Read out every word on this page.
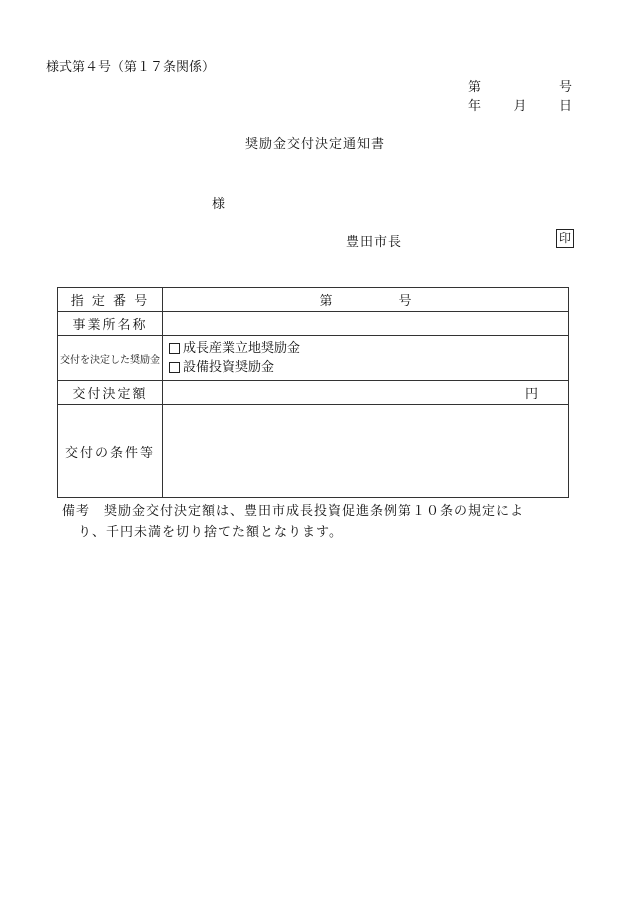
様式第４号（第１７条関係）
第	号
年 月 日
奨励金交付決定通知書
様
豊田市長	印
指 定 番 号	第 号

事業所名称	
交付を決定した奨励金	成長産業立地奨励金
設備投資奨励金

交付決定額	円
交付の条件等	
備考 奨励金交付決定額は、豊田市成長投資促進条例第１０条の規定によ
り、千円未満を切り捨てた額となります。
